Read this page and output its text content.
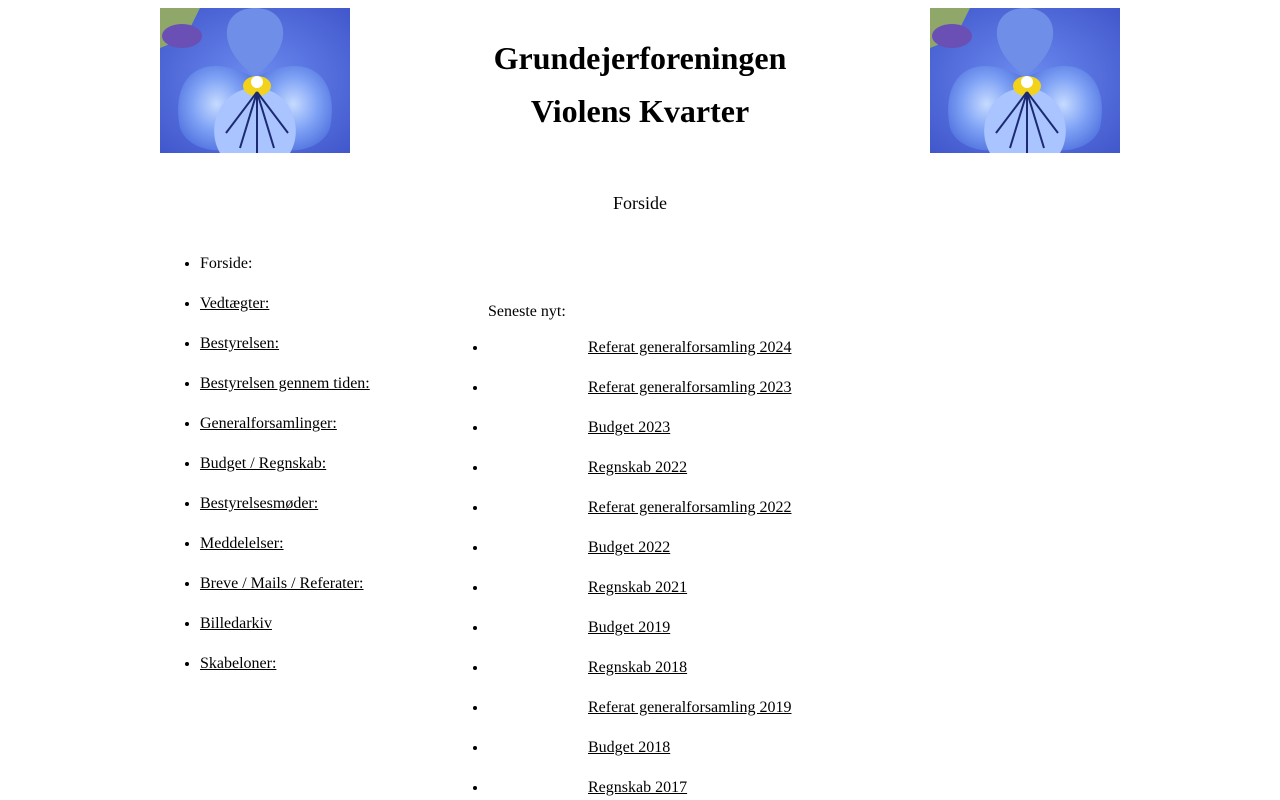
Grundejerforeningen
Violens Kvarter
Forside
• Forside:
• Vedtægter:
• Bestyrelsen:
• Bestyrelsen gennem tiden:
• Generalforsamlinger:
• Budget / Regnskab:
• Bestyrelsesmøder:
• Meddelelser:
• Breve / Mails / Referater:
• Billedarkiv
• Skabeloner:
Seneste nyt:
• Referat generalforsamling 2024
• Referat generalforsamling 2023
• Budget 2023
• Regnskab 2022
• Referat generalforsamling 2022
• Budget 2022
• Regnskab 2021
• Budget 2019
• Regnskab 2018
• Referat generalforsamling 2019
• Budget 2018
• Regnskab 2017
